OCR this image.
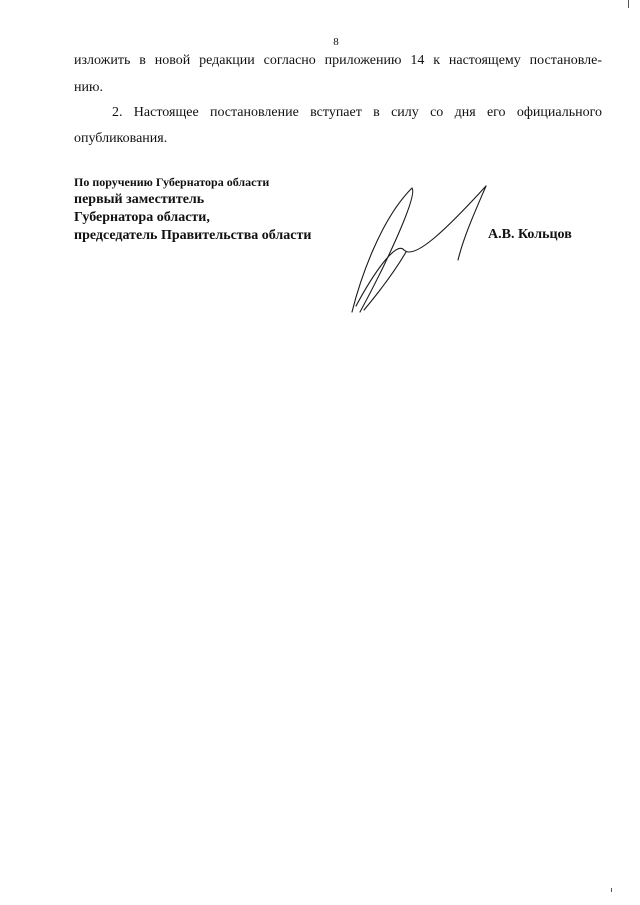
8
изложить в новой редакции согласно приложению 14 к настоящему постановле-
нию.
2. Настоящее постановление вступает в силу со дня его официального
опубликования.
По поручению Губернатора области
первый заместитель
Губернатора области,
председатель Правительства области	А.В. Кольцов
